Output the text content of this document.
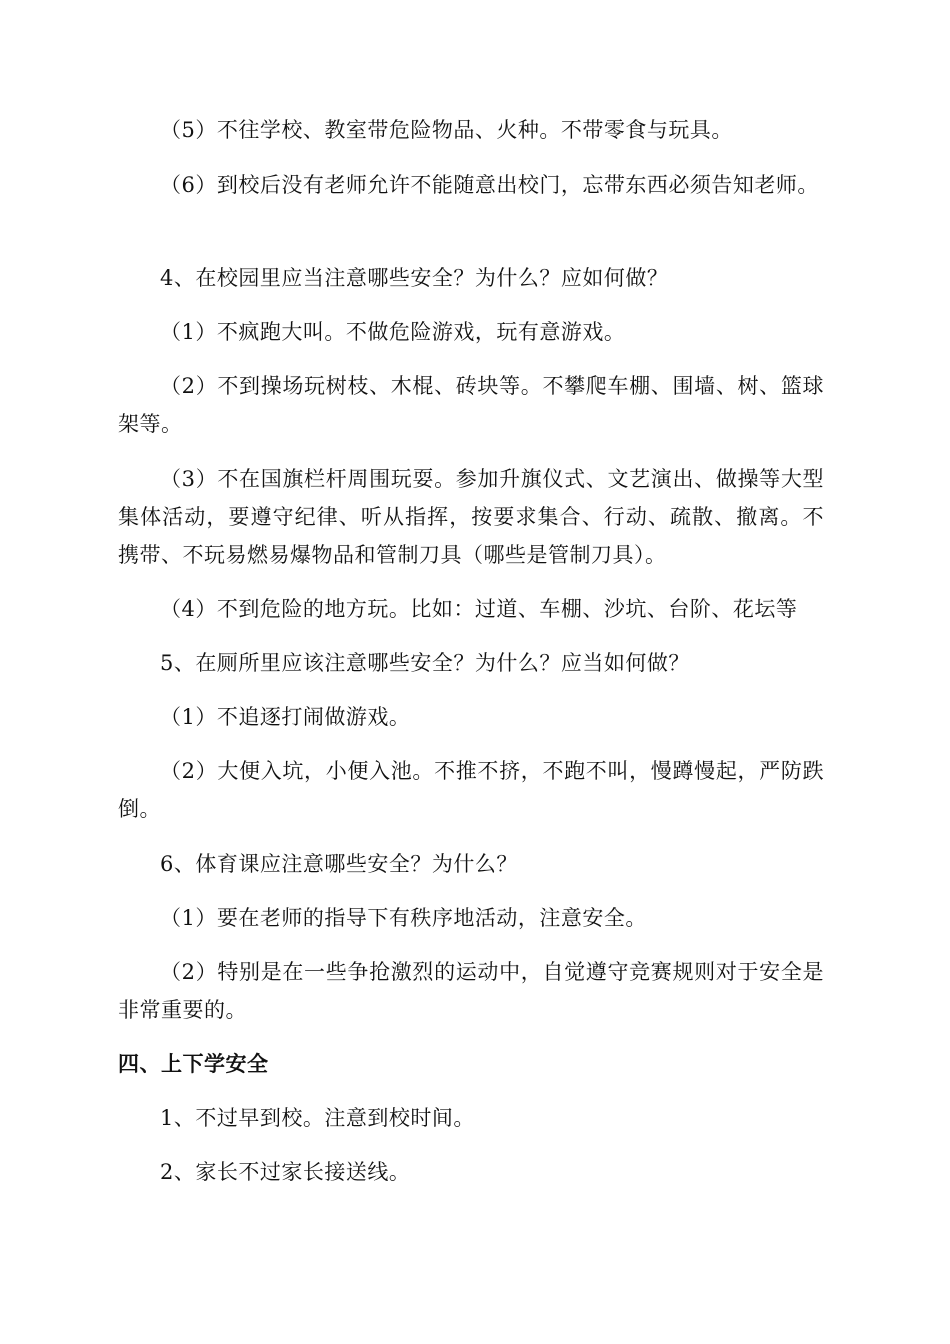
（5）不往学校、教室带危险物品、火种。不带零食与玩具。

（6）到校后没有老师允许不能随意出校门，忘带东西必须告知老师。

4、在校园里应当注意哪些安全？为什么？应如何做？

（1）不疯跑大叫。不做危险游戏，玩有意游戏。

（2）不到操场玩树枝、木棍、砖块等。不攀爬车棚、围墙、树、篮球架等。

（3）不在国旗栏杆周围玩耍。参加升旗仪式、文艺演出、做操等大型集体活动，要遵守纪律、听从指挥，按要求集合、行动、疏散、撤离。不携带、不玩易燃易爆物品和管制刀具（哪些是管制刀具）。

（4）不到危险的地方玩。比如：过道、车棚、沙坑、台阶、花坛等

5、在厕所里应该注意哪些安全？为什么？应当如何做？

（1）不追逐打闹做游戏。

（2）大便入坑，小便入池。不推不挤，不跑不叫，慢蹲慢起，严防跌倒。

6、体育课应注意哪些安全？为什么？

（1）要在老师的指导下有秩序地活动，注意安全。

（2）特别是在一些争抢激烈的运动中，自觉遵守竞赛规则对于安全是非常重要的。

四、上下学安全

1、不过早到校。注意到校时间。

2、家长不过家长接送线。
